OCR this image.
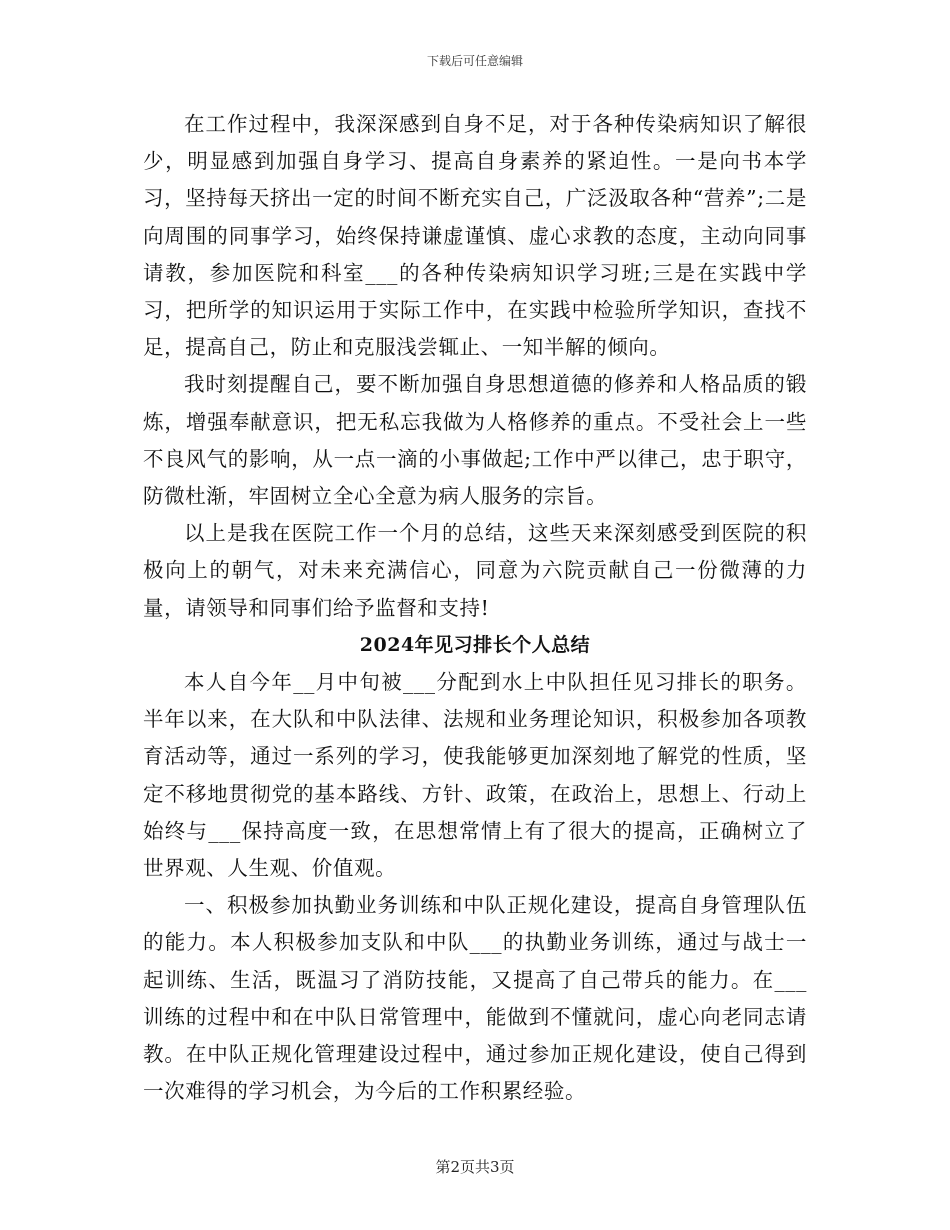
下载后可任意编辑

在工作过程中，我深深感到自身不足，对于各种传染病知识了解很少，明显感到加强自身学习、提高自身素养的紧迫性。一是向书本学习，坚持每天挤出一定的时间不断充实自己，广泛汲取各种“营养”;二是向周围的同事学习，始终保持谦虚谨慎、虚心求教的态度，主动向同事请教，参加医院和科室___的各种传染病知识学习班;三是在实践中学习，把所学的知识运用于实际工作中，在实践中检验所学知识，查找不足，提高自己，防止和克服浅尝辄止、一知半解的倾向。

我时刻提醒自己，要不断加强自身思想道德的修养和人格品质的锻炼，增强奉献意识，把无私忘我做为人格修养的重点。不受社会上一些不良风气的影响，从一点一滴的小事做起;工作中严以律己，忠于职守，防微杜渐，牢固树立全心全意为病人服务的宗旨。

以上是我在医院工作一个月的总结，这些天来深刻感受到医院的积极向上的朝气，对未来充满信心，同意为六院贡献自己一份微薄的力量，请领导和同事们给予监督和支持!

2024年见习排长个人总结

本人自今年__月中旬被___分配到水上中队担任见习排长的职务。半年以来，在大队和中队法律、法规和业务理论知识，积极参加各项教育活动等，通过一系列的学习，使我能够更加深刻地了解党的性质，坚定不移地贯彻党的基本路线、方针、政策，在政治上，思想上、行动上始终与___保持高度一致，在思想常情上有了很大的提高，正确树立了世界观、人生观、价值观。

一、积极参加执勤业务训练和中队正规化建设，提高自身管理队伍的能力。本人积极参加支队和中队___的执勤业务训练，通过与战士一起训练、生活，既温习了消防技能，又提高了自己带兵的能力。在___训练的过程中和在中队日常管理中，能做到不懂就问，虚心向老同志请教。在中队正规化管理建设过程中，通过参加正规化建设，使自己得到一次难得的学习机会，为今后的工作积累经验。

第2页共3页
